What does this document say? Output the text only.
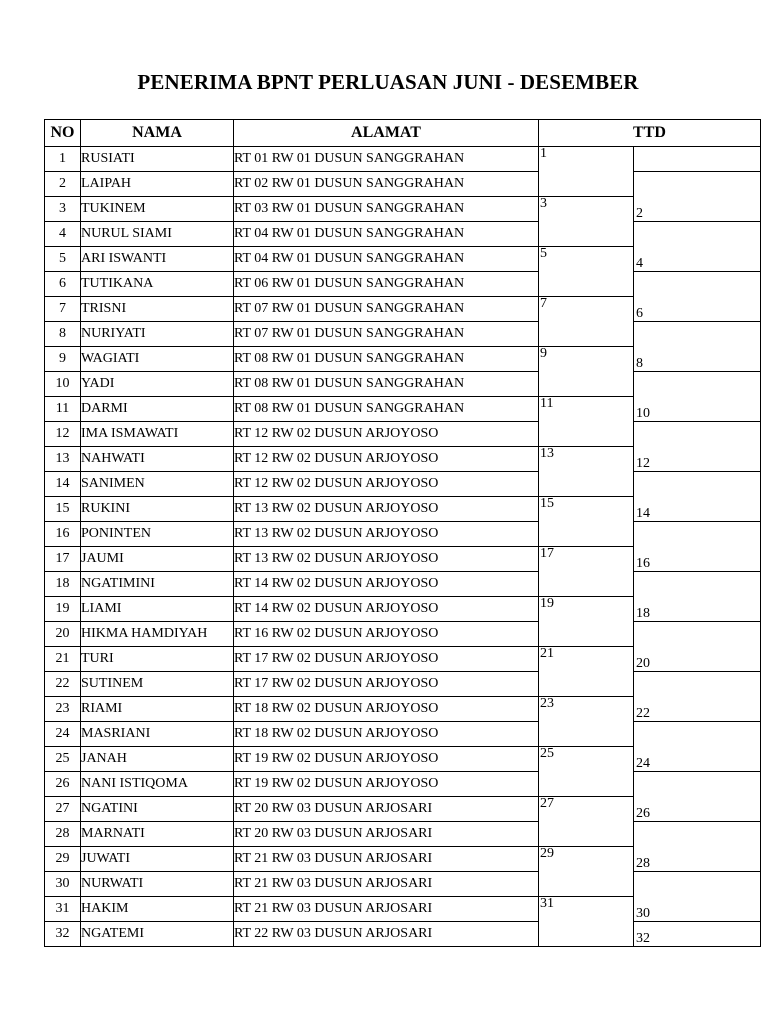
PENERIMA BPNT PERLUASAN JUNI - DESEMBER
NO	NAMA	ALAMAT	TTD	
1	RUSIATI	RT 01 RW 01 DUSUN SANGGRAHAN	1	
2	LAIPAH	RT 02 RW 01 DUSUN SANGGRAHAN		2
3	TUKINEM	RT 03 RW 01 DUSUN SANGGRAHAN	3	
4	NURUL SIAMI	RT 04 RW 01 DUSUN SANGGRAHAN		4
5	ARI ISWANTI	RT 04 RW 01 DUSUN SANGGRAHAN	5	
6	TUTIKANA	RT 06 RW 01 DUSUN SANGGRAHAN		6
7	TRISNI	RT 07 RW 01 DUSUN SANGGRAHAN	7	
8	NURIYATI	RT 07 RW 01 DUSUN SANGGRAHAN		8
9	WAGIATI	RT 08 RW 01 DUSUN SANGGRAHAN	9	
10	YADI	RT 08 RW 01 DUSUN SANGGRAHAN		10
11	DARMI	RT 08 RW 01 DUSUN SANGGRAHAN	11	
12	IMA ISMAWATI	RT 12 RW 02 DUSUN ARJOYOSO		12
13	NAHWATI	RT 12 RW 02 DUSUN ARJOYOSO	13	
14	SANIMEN	RT 12 RW 02 DUSUN ARJOYOSO		14
15	RUKINI	RT 13 RW 02 DUSUN ARJOYOSO	15	
16	PONINTEN	RT 13 RW 02 DUSUN ARJOYOSO		16
17	JAUMI	RT 13 RW 02 DUSUN ARJOYOSO	17	
18	NGATIMINI	RT 14 RW 02 DUSUN ARJOYOSO		18
19	LIAMI	RT 14 RW 02 DUSUN ARJOYOSO	19	
20	HIKMA HAMDIYAH	RT 16 RW 02 DUSUN ARJOYOSO		20
21	TURI	RT 17 RW 02 DUSUN ARJOYOSO	21	
22	SUTINEM	RT 17 RW 02 DUSUN ARJOYOSO		22
23	RIAMI	RT 18 RW 02 DUSUN ARJOYOSO	23	
24	MASRIANI	RT 18 RW 02 DUSUN ARJOYOSO		24
25	JANAH	RT 19 RW 02 DUSUN ARJOYOSO	25	
26	NANI ISTIQOMA	RT 19 RW 02 DUSUN ARJOYOSO		26
27	NGATINI	RT 20 RW 03 DUSUN ARJOSARI	27	
28	MARNATI	RT 20 RW 03 DUSUN ARJOSARI		28
29	JUWATI	RT 21 RW 03 DUSUN ARJOSARI	29	
30	NURWATI	RT 21 RW 03 DUSUN ARJOSARI		30
31	HAKIM	RT 21 RW 03 DUSUN ARJOSARI	31	
32	NGATEMI	RT 22 RW 03 DUSUN ARJOSARI		32
